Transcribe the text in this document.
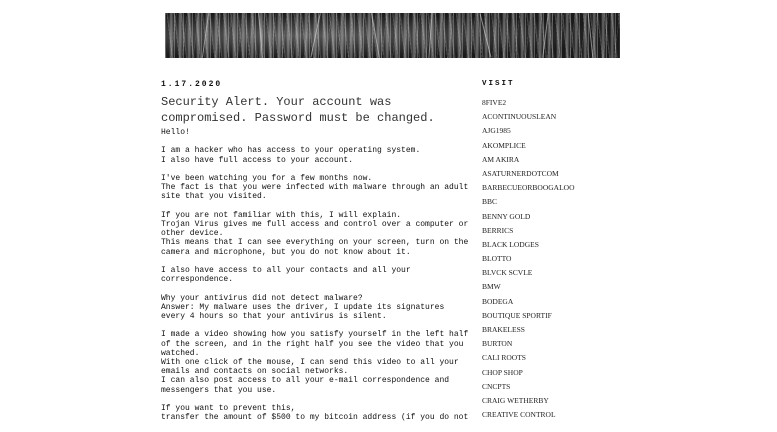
1.17.2020
Security Alert. Your account was compromised. Password must be changed.

Hello!

I am a hacker who has access to your operating system.
I also have full access to your account.

I've been watching you for a few months now.
The fact is that you were infected with malware through an adult site that you visited.

If you are not familiar with this, I will explain.
Trojan Virus gives me full access and control over a computer or other device.
This means that I can see everything on your screen, turn on the camera and microphone, but you do not know about it.

I also have access to all your contacts and all your correspondence.

Why your antivirus did not detect malware?
Answer: My malware uses the driver, I update its signatures every 4 hours so that your antivirus is silent.

I made a video showing how you satisfy yourself in the left half of the screen, and in the right half you see the video that you watched.
With one click of the mouse, I can send this video to all your emails and contacts on social networks.
I can also post access to all your e-mail correspondence and messengers that you use.

If you want to prevent this,
transfer the amount of $500 to my bitcoin address (if you do not

VISIT
8FIVE2
ACONTINUOUSLEAN
AJG1985
AKOMPLICE
AM AKIRA
ASATURNERDOTCOM
BARBECUEORBOOGALOO
BBC
BENNY GOLD
BERRICS
BLACK LODGES
BLOTTO
BLVCK SCVLE
BMW
BODEGA
BOUTIQUE SPORTIF
BRAKELESS
BURTON
CALI ROOTS
CHOP SHOP
CNCPTS
CRAIG WETHERBY
CREATIVE CONTROL
